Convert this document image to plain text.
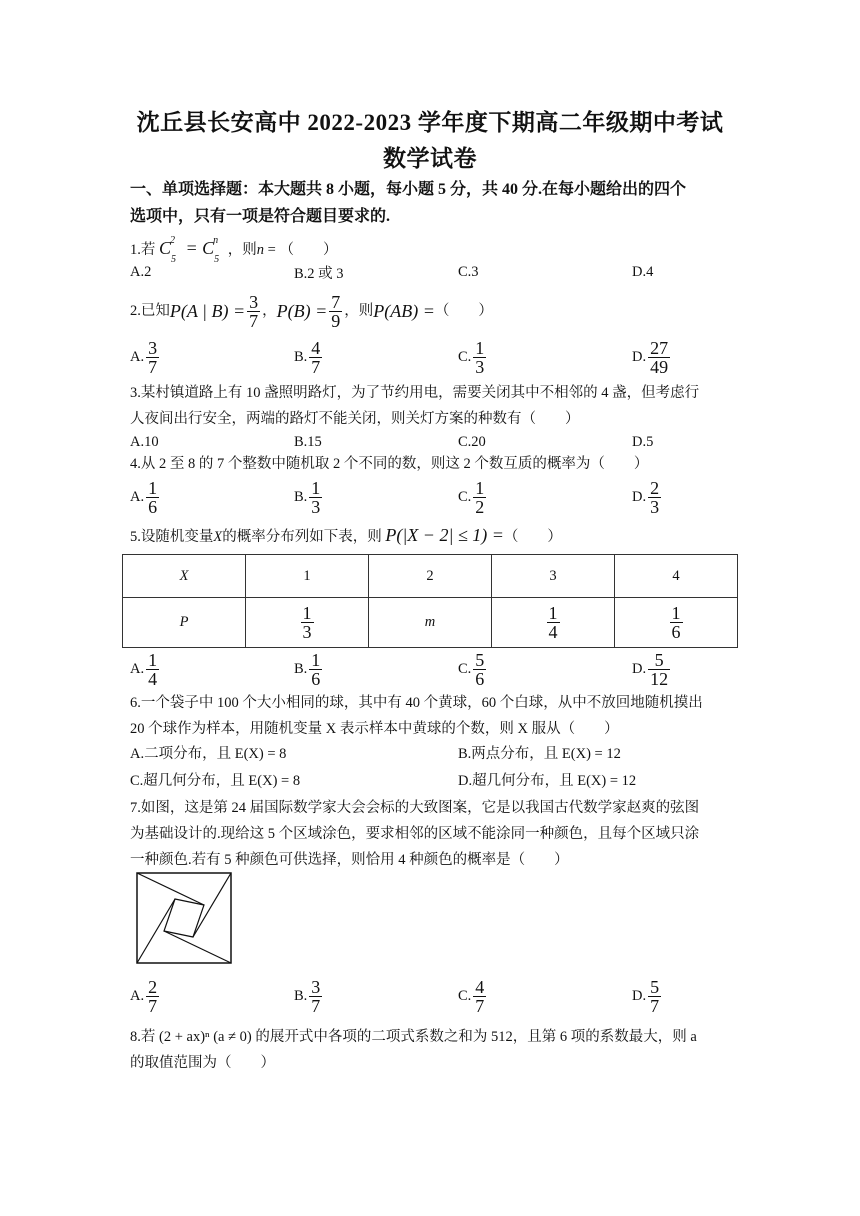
沈丘县长安高中 2022-2023 学年度下期高二年级期中考试
数学试卷
一、单项选择题：本大题共 8 小题，每小题 5 分，共 40 分.在每小题给出的四个
选项中，只有一项是符合题目要求的.
1.若 $C_5^2 = C_5^n$ ，则n = （　　）
A.2	B.2 或 3	C.3	D.4
2.已知 P(A | $B) = \frac{3}{7}$ ， $P(B) = \frac{7}{9}$ ，则 P(AB) = （　　）
A. $\frac{3}{7}$	B. $\frac{4}{7}$	C. $\frac{1}{3}$	D. $\frac{27}{49}$
3.某村镇道路上有 10 盏照明路灯，为了节约用电，需要关闭其中不相邻的 4 盏，但考虑行
人夜间出行安全，两端的路灯不能关闭，则关灯方案的种数有（　　）
A.10	B.15	C.20	D.5
4.从 2 至 8 的 7 个整数中随机取 2 个不同的数，则这 2 个数互质的概率为（　　）
A. $\frac{1}{6}$	B. $\frac{1}{3}$	C. $\frac{1}{2}$	D. $\frac{2}{3}$
5.设随机变量X的概率分布列如下表，则 P(|X − 2| ≤ 1) =（　　）
X	1	2	3	4
P	$\frac{1}{3}$	m	$\frac{1}{4}$	$\frac{1}{6}$
A. $\frac{1}{4}$	B. $\frac{1}{6}$	C. $\frac{5}{6}$	D. $\frac{5}{12}$
6.一个袋子中 100 个大小相同的球，其中有 40 个黄球，60 个白球，从中不放回地随机摸出
20 个球作为样本，用随机变量 X 表示样本中黄球的个数，则 X 服从（　　）
A.二项分布，且 E(X) = 8	B.两点分布，且 E(X) = 12
C.超几何分布，且 E(X) = 8	D.超几何分布，且 E(X) = 12
7.如图，这是第 24 届国际数学家大会会标的大致图案，它是以我国古代数学家赵爽的弦图
为基础设计的.现给这 5 个区域涂色，要求相邻的区域不能涂同一种颜色，且每个区域只涂
一种颜色.若有 5 种颜色可供选择，则恰用 4 种颜色的概率是（　　）
A. $\frac{2}{7}$	B. $\frac{3}{7}$	C. $\frac{4}{7}$	D. $\frac{5}{7}$
8.若 (2 + ax)ⁿ (a ≠ 0) 的展开式中各项的二项式系数之和为 512，且第 6 项的系数最大，则 a
的取值范围为（　　）
